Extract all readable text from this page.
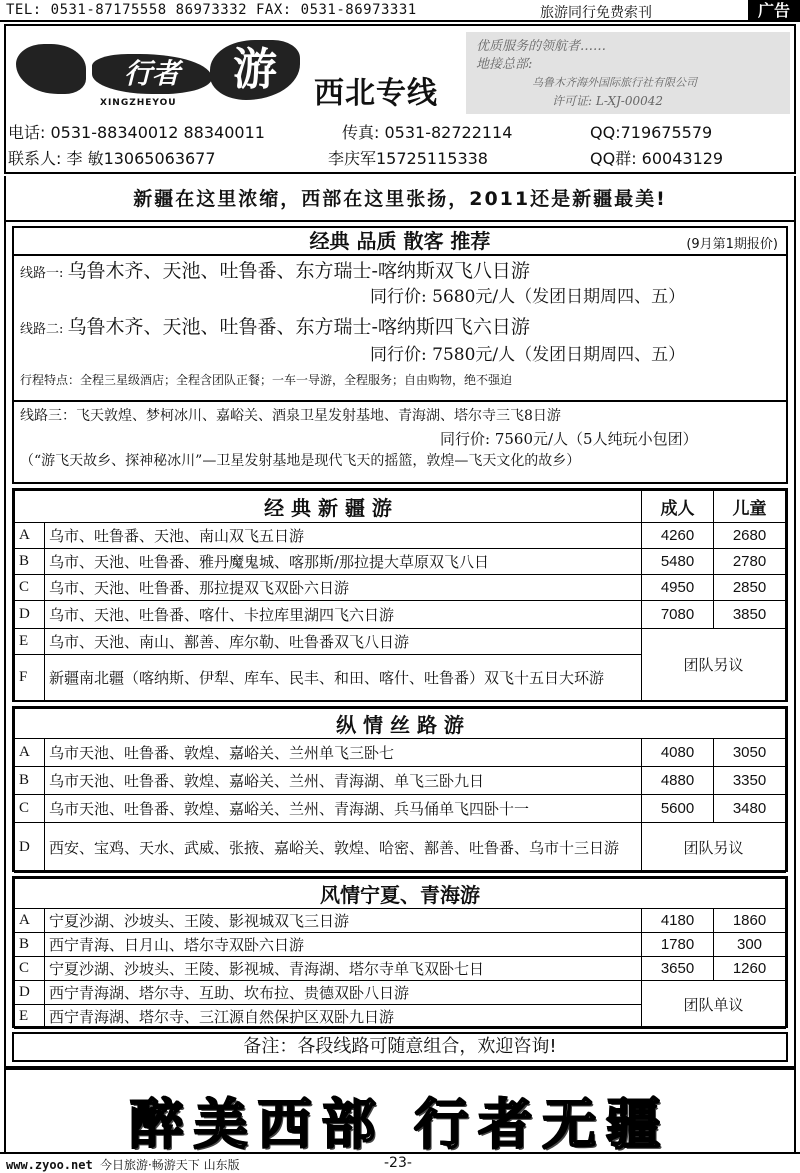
TEL: 0531-87175558 86973332 FAX: 0531-86973331	旅游同行免费索刊	广告
行者	游
XINGZHEYOU	西北专线
优质服务的领航者……
地接总部:
乌鲁木齐海外国际旅行社有限公司
许可证: L-XJ-00042
电话: 0531-88340012 88340011	传真: 0531-82722114	QQ:719675579
联系人: 李 敏13065063677	李庆军15725115338	QQ群: 60043129
新疆在这里浓缩，西部在这里张扬，2011还是新疆最美!
经典 品质 散客 推荐	(9月第1期报价)
线路一: 乌鲁木齐、天池、吐鲁番、东方瑞士-喀纳斯双飞八日游
同行价: 5680元/人（发团日期周四、五）
线路二: 乌鲁木齐、天池、吐鲁番、东方瑞士-喀纳斯四飞六日游
同行价: 7580元/人（发团日期周四、五）
行程特点：全程三星级酒店；全程含团队正餐；一车一导游，全程服务；自由购物，绝不强迫
线路三：飞天敦煌、梦柯冰川、嘉峪关、酒泉卫星发射基地、青海湖、塔尔寺三飞8日游
同行价: 7560元/人（5人纯玩小包团）
（“游飞天故乡、探神秘冰川”—卫星发射基地是现代飞天的摇篮，敦煌—飞天文化的故乡）
经 典 新 疆 游		成人	儿童
A	乌市、吐鲁番、天池、南山双飞五日游	4260	2680
B	乌市、天池、吐鲁番、雅丹魔鬼城、喀那斯/那拉提大草原双飞八日	5480	2780
C	乌市、天池、吐鲁番、那拉提双飞双卧六日游	4950	2850
D	乌市、天池、吐鲁番、喀什、卡拉库里湖四飞六日游	7080	3850
E	乌市、天池、南山、鄯善、库尔勒、吐鲁番双飞八日游	团队另议	
F	新疆南北疆（喀纳斯、伊犁、库车、民丰、和田、喀什、吐鲁番）双飞十五日大环游		
纵 情 丝 路 游			
A	乌市天池、吐鲁番、敦煌、嘉峪关、兰州单飞三卧七	4080	3050
B	乌市天池、吐鲁番、敦煌、嘉峪关、兰州、青海湖、单飞三卧九日	4880	3350
C	乌市天池、吐鲁番、敦煌、嘉峪关、兰州、青海湖、兵马俑单飞四卧十一	5600	3480
D	西安、宝鸡、天水、武威、张掖、嘉峪关、敦煌、哈密、鄯善、吐鲁番、乌市十三日游	团队另议	
风情宁夏、青海游			
A	宁夏沙湖、沙坡头、王陵、影视城双飞三日游	4180	1860
B	西宁青海、日月山、塔尔寺双卧六日游	1780	300
C	宁夏沙湖、沙坡头、王陵、影视城、青海湖、塔尔寺单飞双卧七日	3650	1260
D	西宁青海湖、塔尔寺、互助、坎布拉、贵德双卧八日游	团队单议	
E	西宁青海湖、塔尔寺、三江源自然保护区双卧九日游		
备注：各段线路可随意组合，欢迎咨询!
醉美西部 行者无疆
www.zyoo.net 今日旅游·畅游天下 山东版	-23-
